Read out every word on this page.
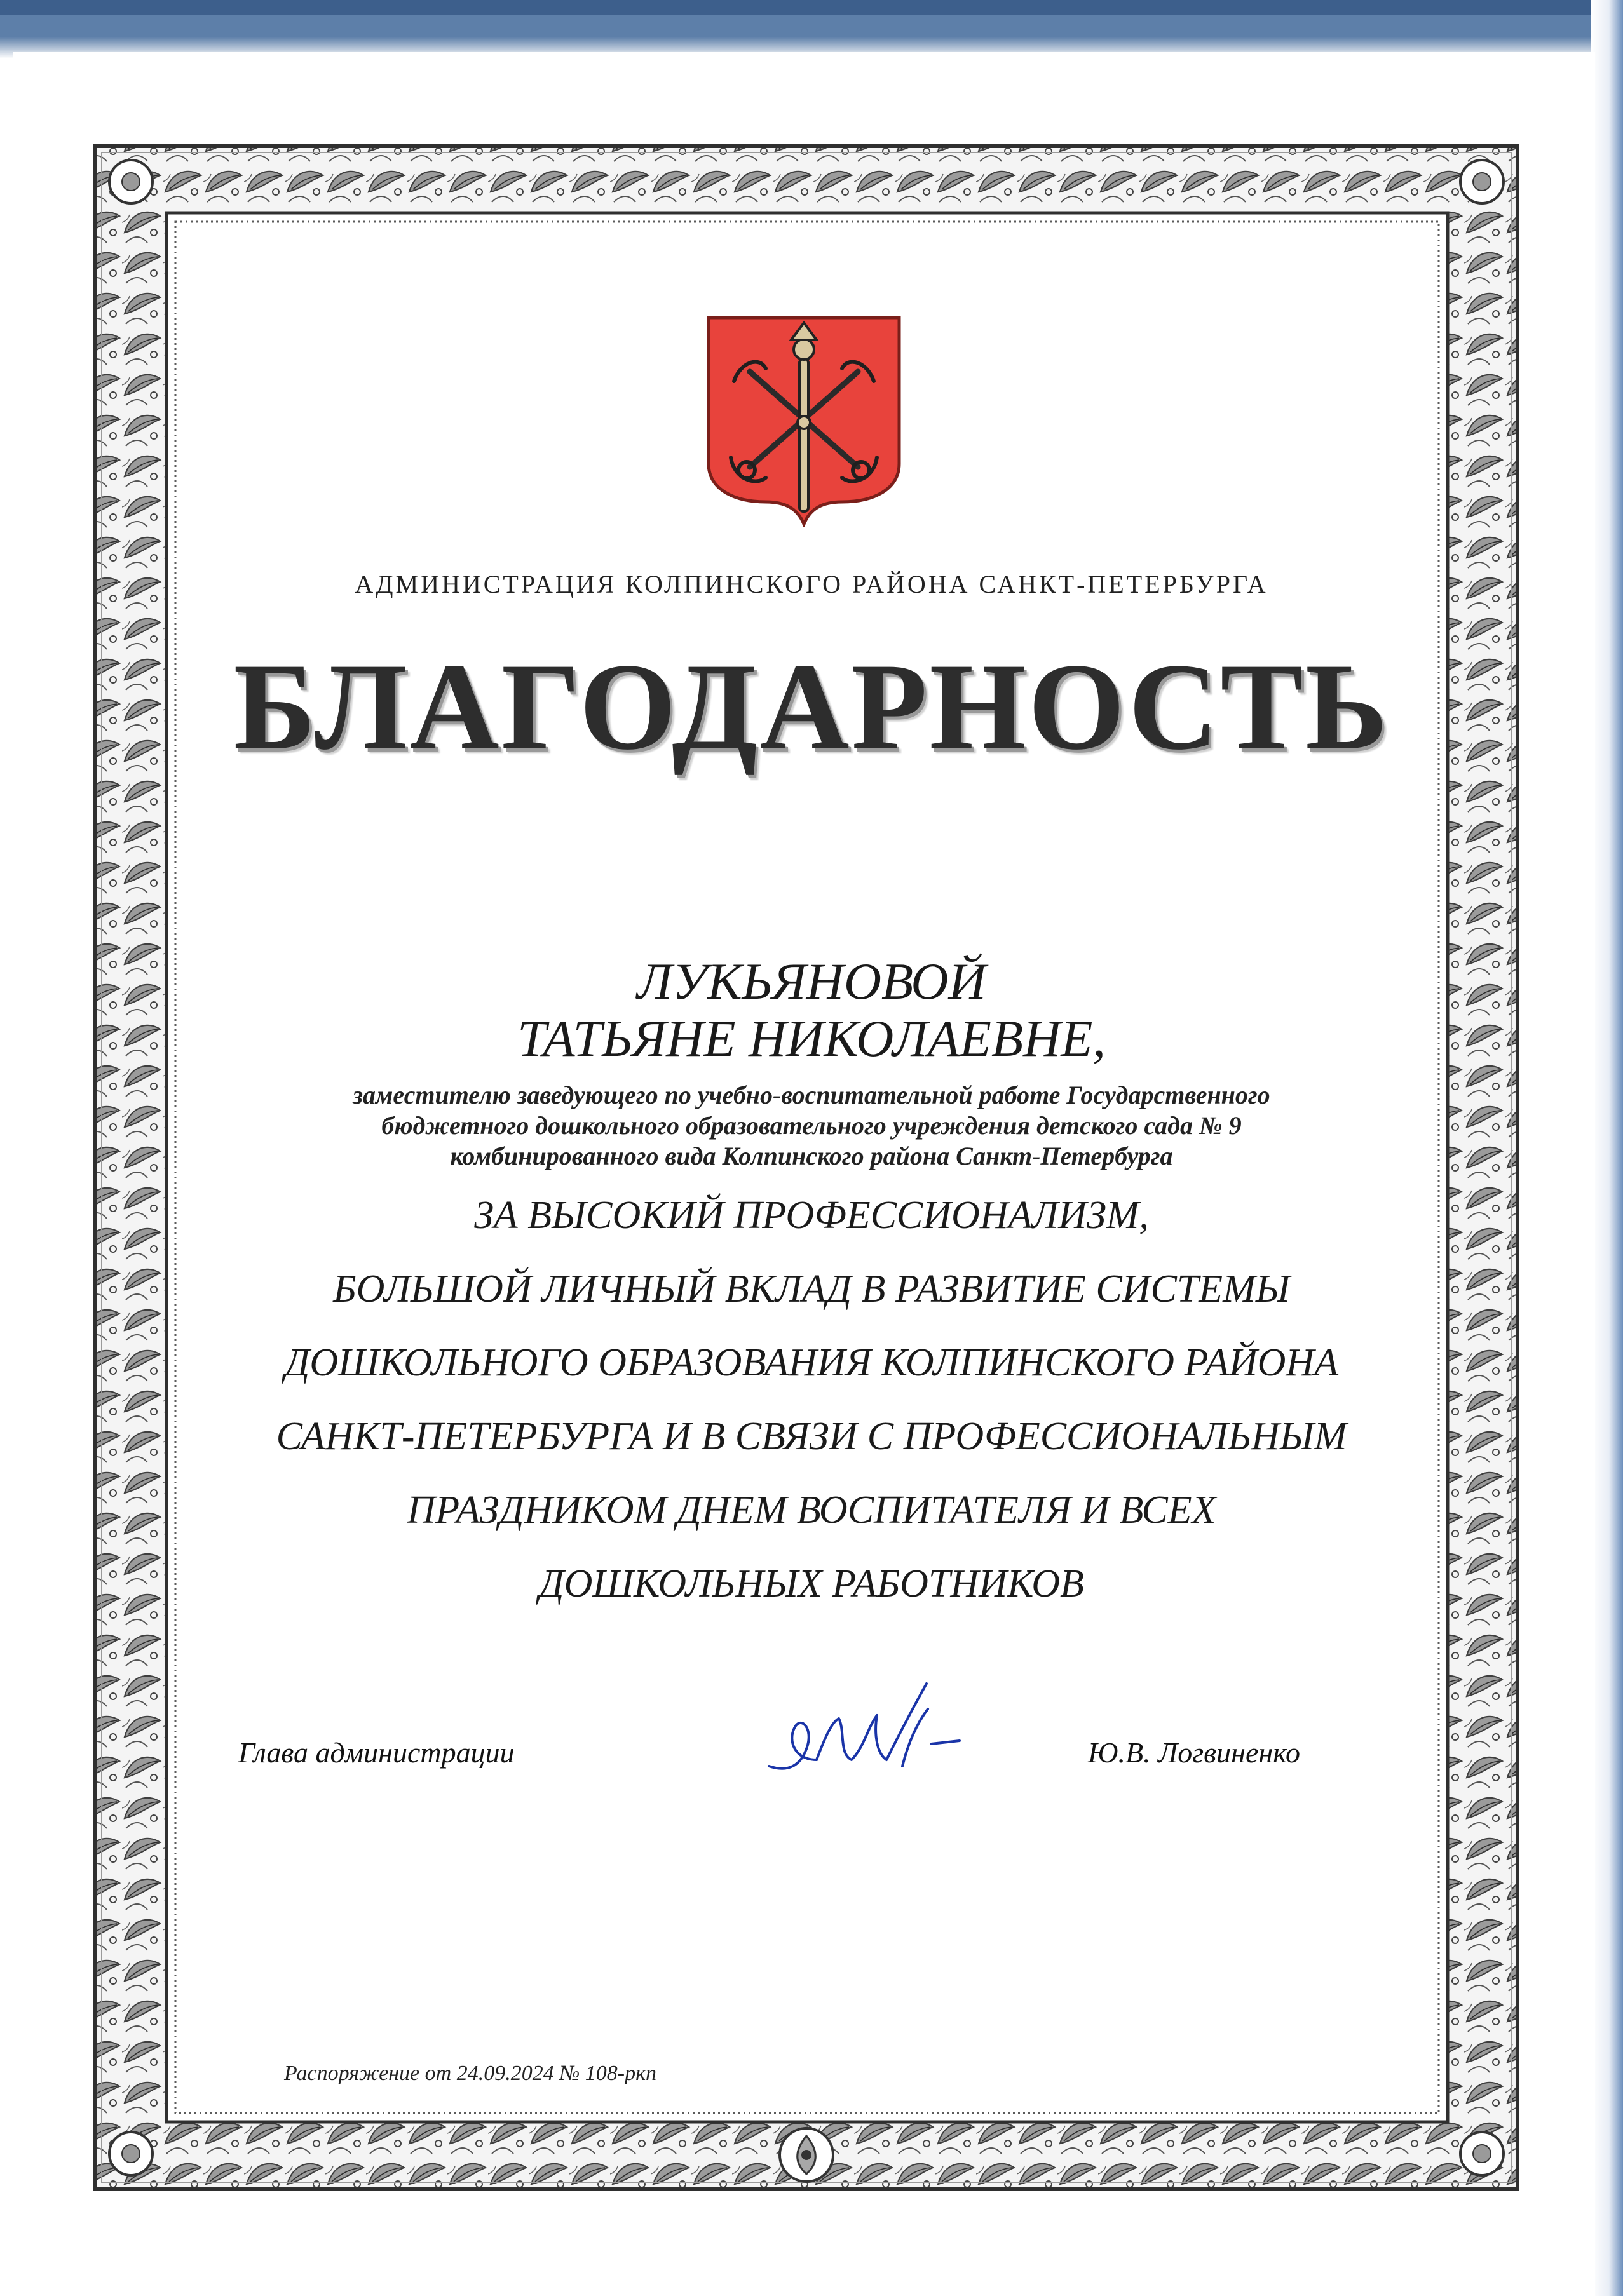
АДМИНИСТРАЦИЯ КОЛПИНСКОГО РАЙОНА САНКТ-ПЕТЕРБУРГА
БЛАГОДАРНОСТЬ
ЛУКЬЯНОВОЙ
ТАТЬЯНЕ НИКОЛАЕВНЕ,
заместителю заведующего по учебно-воспитательной работе Государственного
бюджетного дошкольного образовательного учреждения детского сада № 9
комбинированного вида Колпинского района Санкт-Петербурга
ЗА ВЫСОКИЙ ПРОФЕССИОНАЛИЗМ,
БОЛЬШОЙ ЛИЧНЫЙ ВКЛАД В РАЗВИТИЕ СИСТЕМЫ
ДОШКОЛЬНОГО ОБРАЗОВАНИЯ КОЛПИНСКОГО РАЙОНА
САНКТ-ПЕТЕРБУРГА И В СВЯЗИ С ПРОФЕССИОНАЛЬНЫМ
ПРАЗДНИКОМ ДНЕМ ВОСПИТАТЕЛЯ И ВСЕХ
ДОШКОЛЬНЫХ РАБОТНИКОВ
Глава администрации	Ю.В. Логвиненко
Распоряжение от 24.09.2024 № 108-ркп
